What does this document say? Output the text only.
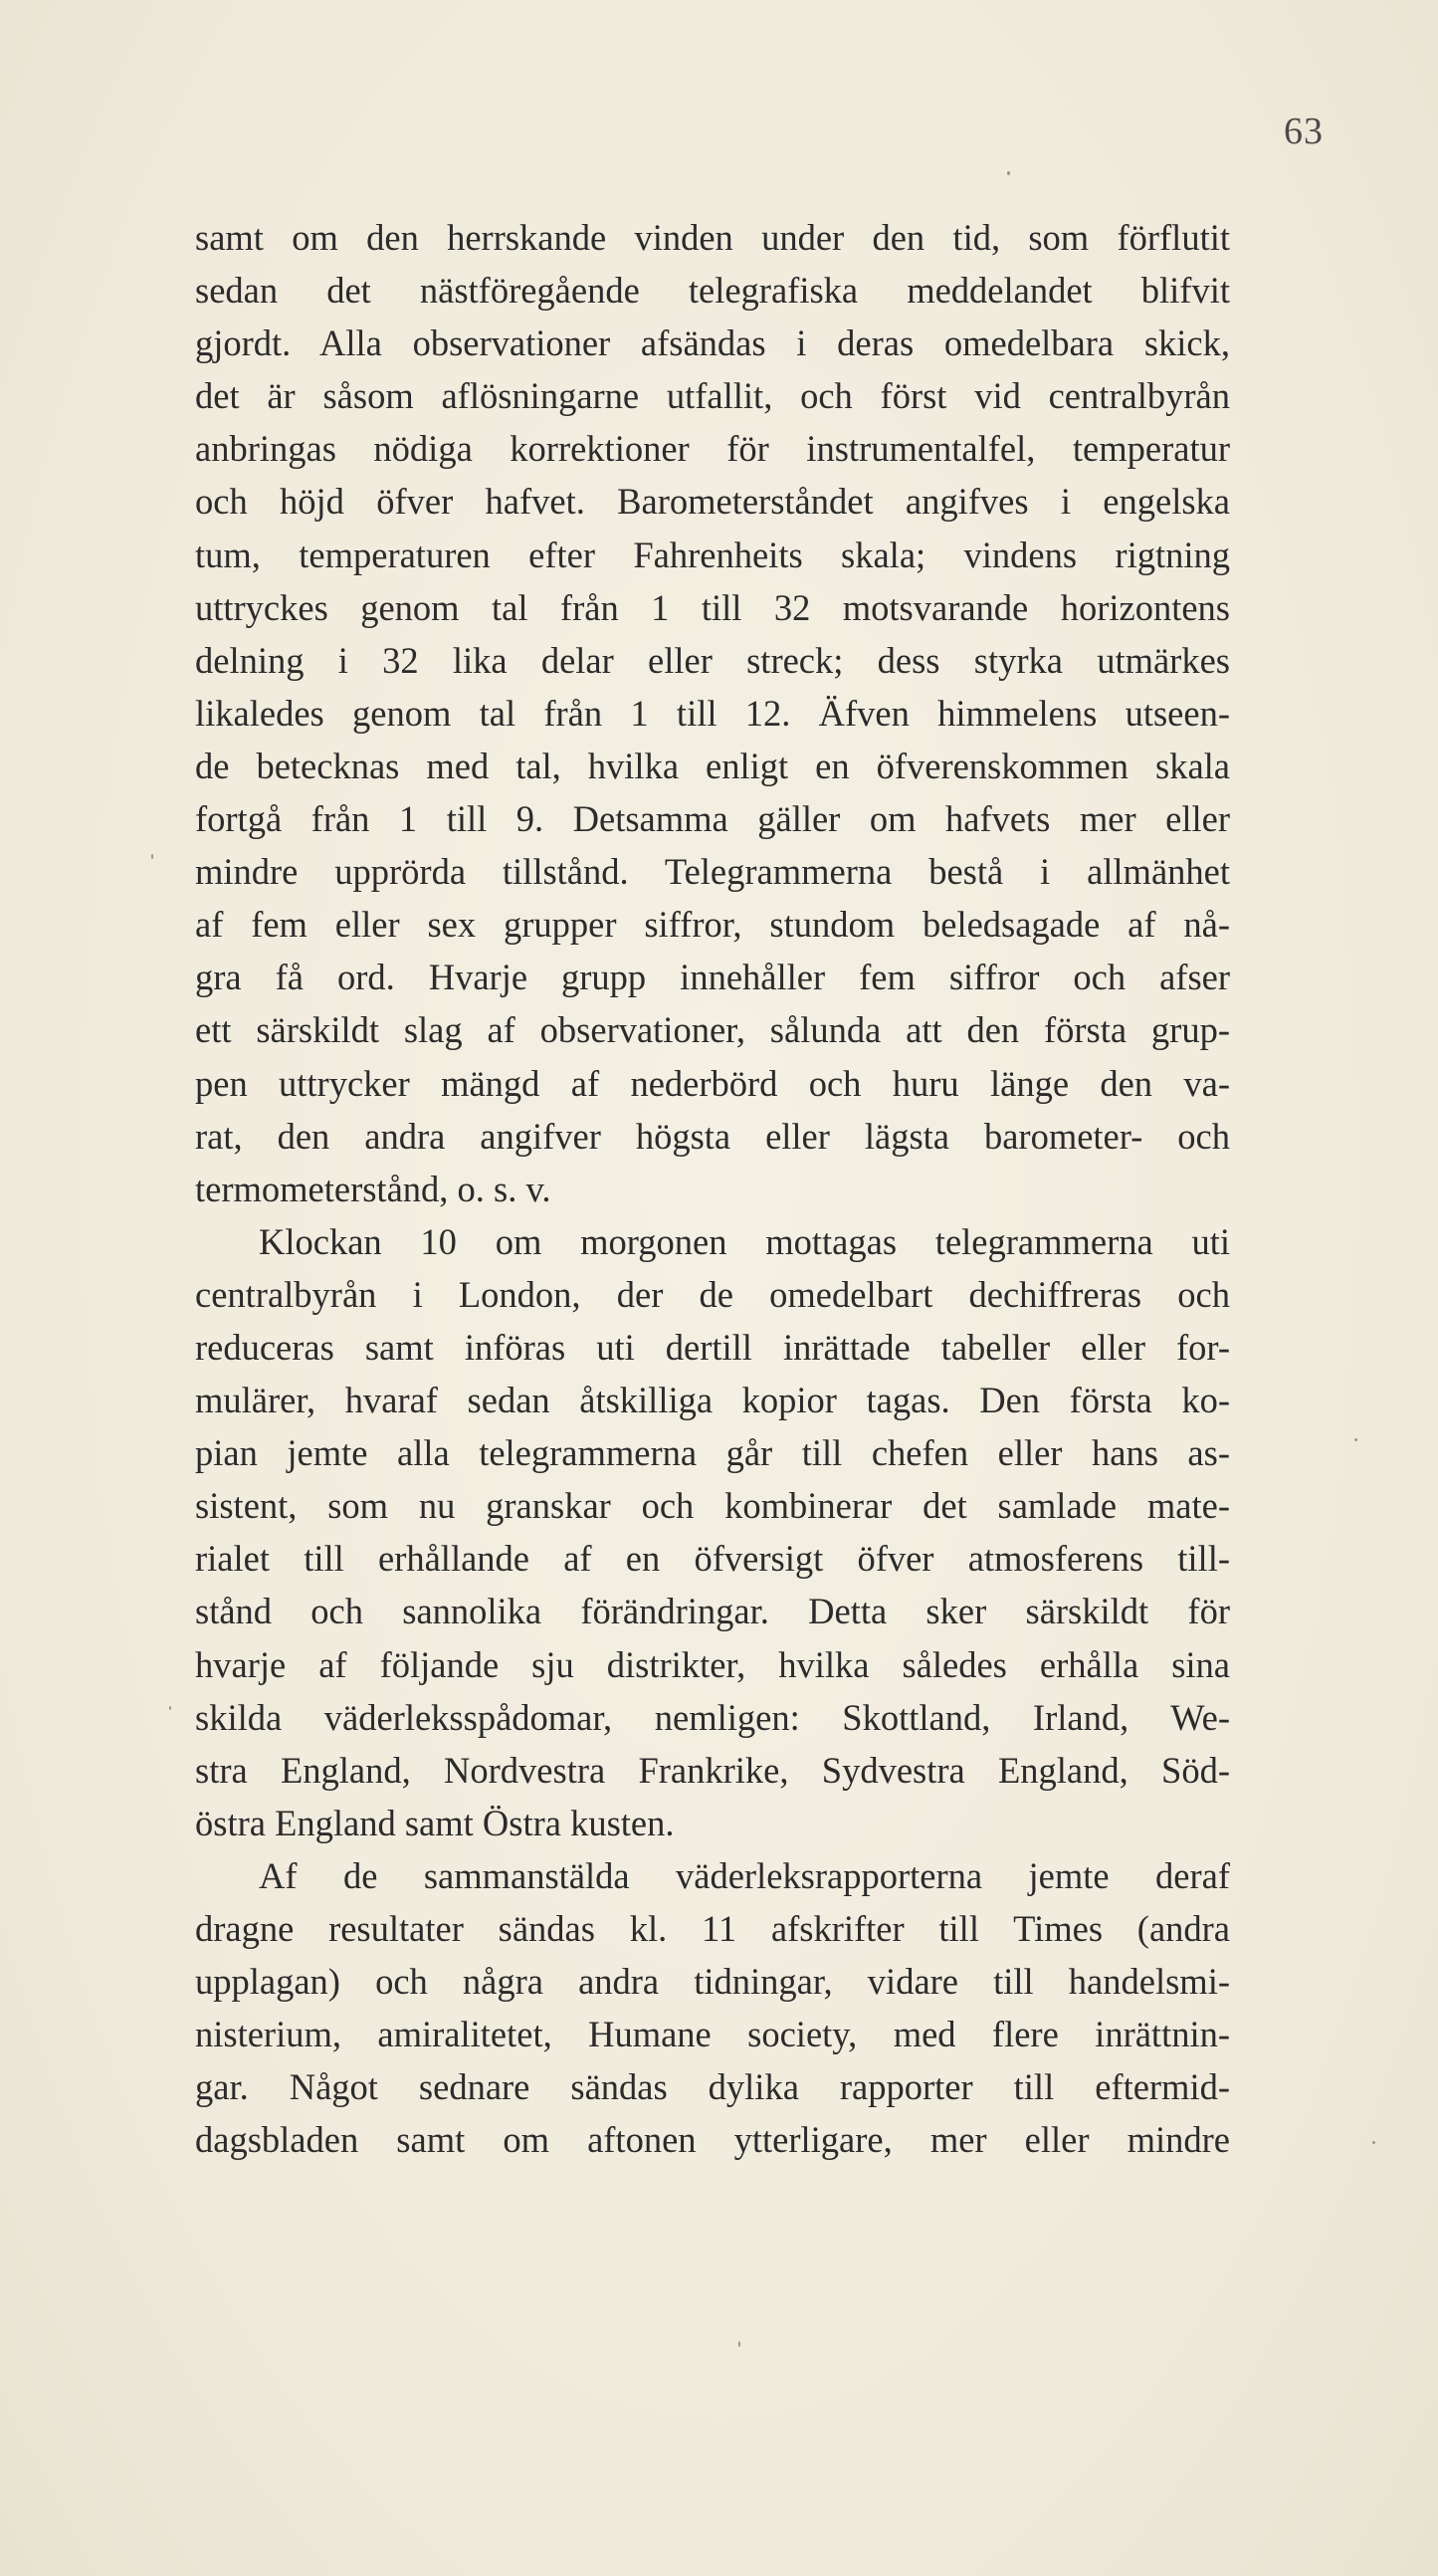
63
samt om den herrskande vinden under den tid, som förflutit
sedan det nästföregående telegrafiska meddelandet blifvit
gjordt. Alla observationer afsändas i deras omedelbara skick,
det är såsom aflösningarne utfallit, och först vid centralbyrån
anbringas nödiga korrektioner för instrumentalfel, temperatur
och höjd öfver hafvet. Barometerståndet angifves i engelska
tum, temperaturen efter Fahrenheits skala; vindens rigtning
uttryckes genom tal från 1 till 32 motsvarande horizontens
delning i 32 lika delar eller streck; dess styrka utmärkes
likaledes genom tal från 1 till 12. Äfven himmelens utseen-
de betecknas med tal, hvilka enligt en öfverenskommen skala
fortgå från 1 till 9. Detsamma gäller om hafvets mer eller
mindre upprörda tillstånd. Telegrammerna bestå i allmänhet
af fem eller sex grupper siffror, stundom beledsagade af nå-
gra få ord. Hvarje grupp innehåller fem siffror och afser
ett särskildt slag af observationer, sålunda att den första grup-
pen uttrycker mängd af nederbörd och huru länge den va-
rat, den andra angifver högsta eller lägsta barometer- och
termometerstånd, o. s. v.
Klockan 10 om morgonen mottagas telegrammerna uti
centralbyrån i London, der de omedelbart dechiffreras och
reduceras samt införas uti dertill inrättade tabeller eller for-
mulärer, hvaraf sedan åtskilliga kopior tagas. Den första ko-
pian jemte alla telegrammerna går till chefen eller hans as-
sistent, som nu granskar och kombinerar det samlade mate-
rialet till erhållande af en öfversigt öfver atmosferens till-
stånd och sannolika förändringar. Detta sker särskildt för
hvarje af följande sju distrikter, hvilka således erhålla sina
skilda väderleksspådomar, nemligen: Skottland, Irland, We-
stra England, Nordvestra Frankrike, Sydvestra England, Söd-
östra England samt Östra kusten.
Af de sammanstälda väderleksrapporterna jemte deraf
dragne resultater sändas kl. 11 afskrifter till Times (andra
upplagan) och några andra tidningar, vidare till handelsmi-
nisterium, amiralitetet, Humane society, med flere inrättnin-
gar. Något sednare sändas dylika rapporter till eftermid-
dagsbladen samt om aftonen ytterligare, mer eller mindre
